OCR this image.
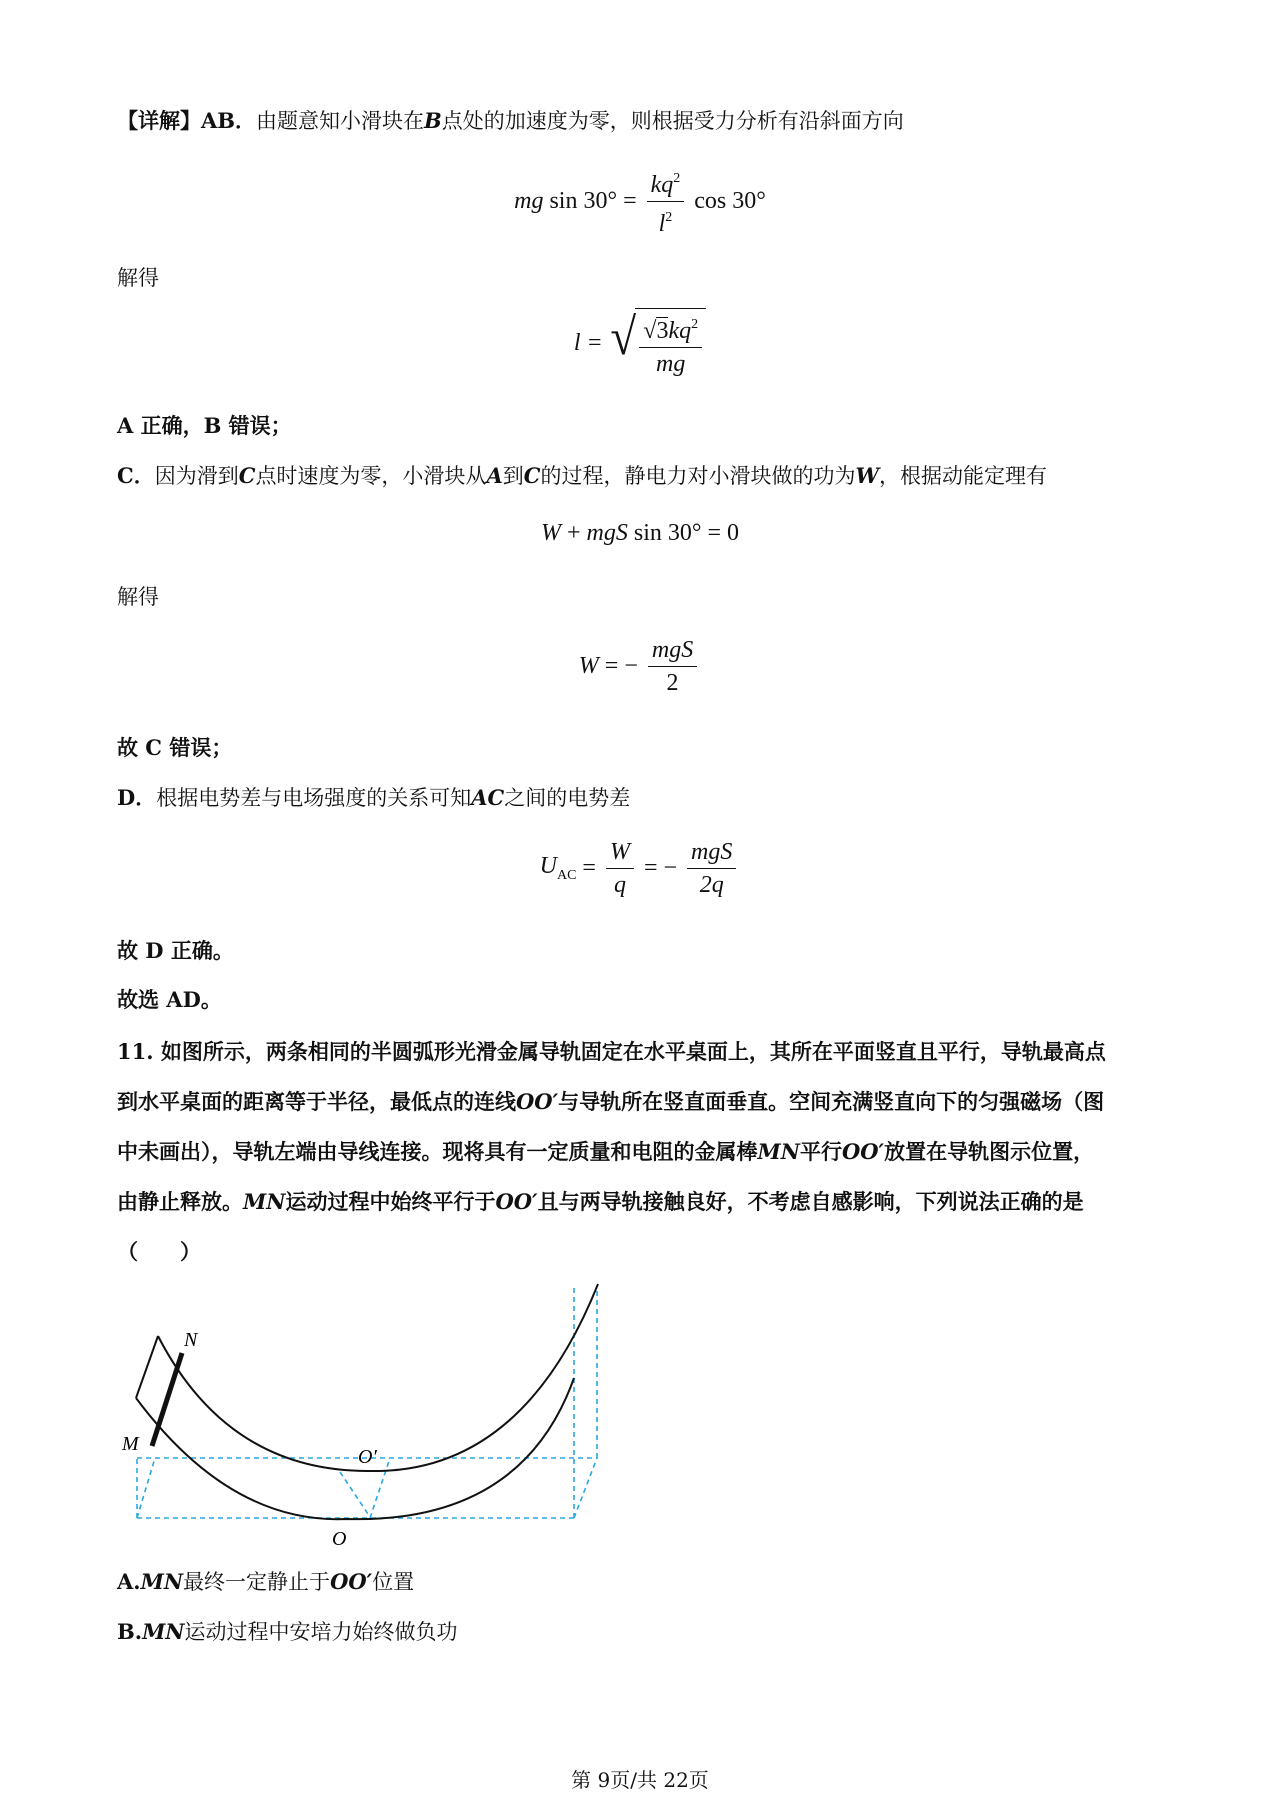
【详解】AB．由题意知小滑块在B点处的加速度为零，则根据受力分析有沿斜面方向
mg $\sin 30^\circ = \frac{kq^2}{l^2}$ cos 30°
解得
l = √ $\frac{√3kq^2}{mg}$
A 正确，B 错误；
C．因为滑到C点时速度为零，小滑块从A到C的过程，静电力对小滑块做的功为W，根据动能定理有
W + mgS sin 30° = 0
解得
W = − $\frac{\text{mgS}}{2}$
故 C 错误；
D．根据电势差与电场强度的关系可知AC之间的电势差
$U_{AC} = \frac{W}{q}$ = − $\frac{\text{mgS}}{2q}$
故 D 正确。
故选 AD。
11. 如图所示，两条相同的半圆弧形光滑金属导轨固定在水平桌面上，其所在平面竖直且平行，导轨最高点
到水平桌面的距离等于半径，最低点的连线OO′与导轨所在竖直面垂直。空间充满竖直向下的匀强磁场（图
中未画出），导轨左端由导线连接。现将具有一定质量和电阻的金属棒MN平行OO′放置在导轨图示位置，
由静止释放。MN运动过程中始终平行于OO′且与两导轨接触良好，不考虑自感影响，下列说法正确的是
（　　）
N
M
O′
O
A.MN最终一定静止于OO′位置
B.MN运动过程中安培力始终做负功
第 9页/共 22页
